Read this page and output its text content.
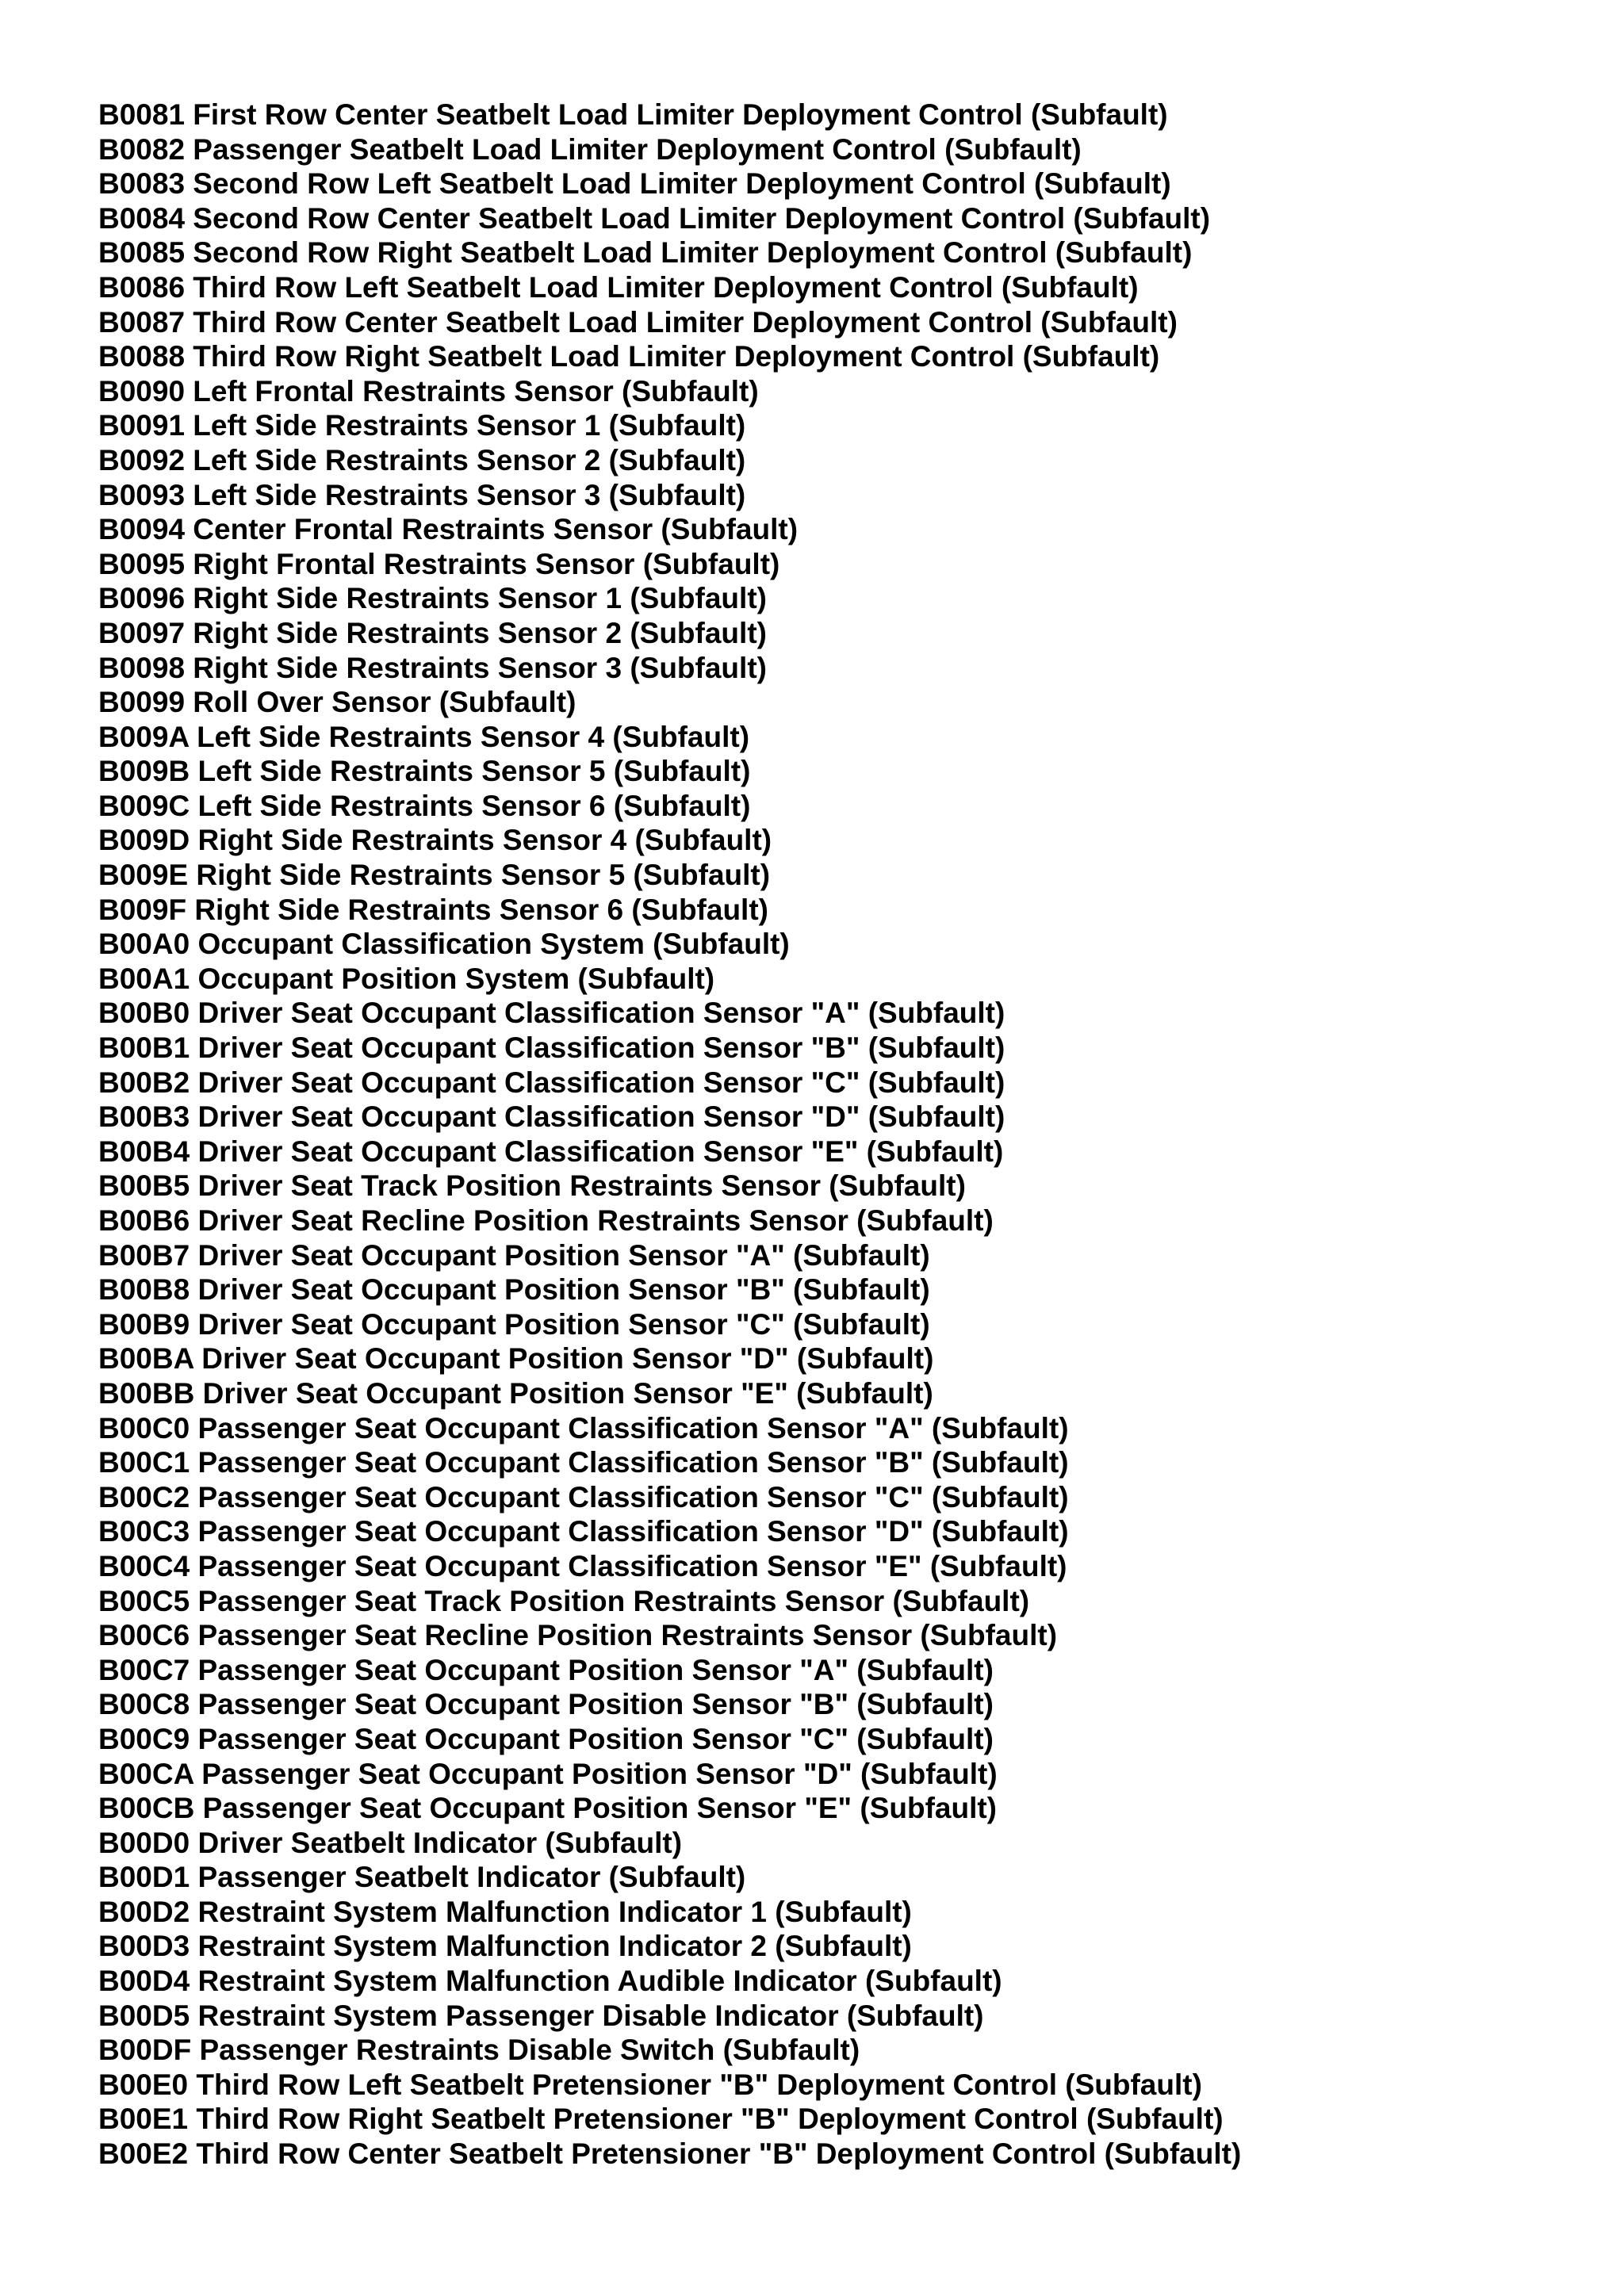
B0081 First Row Center Seatbelt Load Limiter Deployment Control (Subfault)
B0082 Passenger Seatbelt Load Limiter Deployment Control (Subfault)
B0083 Second Row Left Seatbelt Load Limiter Deployment Control (Subfault)
B0084 Second Row Center Seatbelt Load Limiter Deployment Control (Subfault)
B0085 Second Row Right Seatbelt Load Limiter Deployment Control (Subfault)
B0086 Third Row Left Seatbelt Load Limiter Deployment Control (Subfault)
B0087 Third Row Center Seatbelt Load Limiter Deployment Control (Subfault)
B0088 Third Row Right Seatbelt Load Limiter Deployment Control (Subfault)
B0090 Left Frontal Restraints Sensor (Subfault)
B0091 Left Side Restraints Sensor 1 (Subfault)
B0092 Left Side Restraints Sensor 2 (Subfault)
B0093 Left Side Restraints Sensor 3 (Subfault)
B0094 Center Frontal Restraints Sensor (Subfault)
B0095 Right Frontal Restraints Sensor (Subfault)
B0096 Right Side Restraints Sensor 1 (Subfault)
B0097 Right Side Restraints Sensor 2 (Subfault)
B0098 Right Side Restraints Sensor 3 (Subfault)
B0099 Roll Over Sensor (Subfault)
B009A Left Side Restraints Sensor 4 (Subfault)
B009B Left Side Restraints Sensor 5 (Subfault)
B009C Left Side Restraints Sensor 6 (Subfault)
B009D Right Side Restraints Sensor 4 (Subfault)
B009E Right Side Restraints Sensor 5 (Subfault)
B009F Right Side Restraints Sensor 6 (Subfault)
B00A0 Occupant Classification System (Subfault)
B00A1 Occupant Position System (Subfault)
B00B0 Driver Seat Occupant Classification Sensor "A" (Subfault)
B00B1 Driver Seat Occupant Classification Sensor "B" (Subfault)
B00B2 Driver Seat Occupant Classification Sensor "C" (Subfault)
B00B3 Driver Seat Occupant Classification Sensor "D" (Subfault)
B00B4 Driver Seat Occupant Classification Sensor "E" (Subfault)
B00B5 Driver Seat Track Position Restraints Sensor (Subfault)
B00B6 Driver Seat Recline Position Restraints Sensor (Subfault)
B00B7 Driver Seat Occupant Position Sensor "A" (Subfault)
B00B8 Driver Seat Occupant Position Sensor "B" (Subfault)
B00B9 Driver Seat Occupant Position Sensor "C" (Subfault)
B00BA Driver Seat Occupant Position Sensor "D" (Subfault)
B00BB Driver Seat Occupant Position Sensor "E" (Subfault)
B00C0 Passenger Seat Occupant Classification Sensor "A" (Subfault)
B00C1 Passenger Seat Occupant Classification Sensor "B" (Subfault)
B00C2 Passenger Seat Occupant Classification Sensor "C" (Subfault)
B00C3 Passenger Seat Occupant Classification Sensor "D" (Subfault)
B00C4 Passenger Seat Occupant Classification Sensor "E" (Subfault)
B00C5 Passenger Seat Track Position Restraints Sensor (Subfault)
B00C6 Passenger Seat Recline Position Restraints Sensor (Subfault)
B00C7 Passenger Seat Occupant Position Sensor "A" (Subfault)
B00C8 Passenger Seat Occupant Position Sensor "B" (Subfault)
B00C9 Passenger Seat Occupant Position Sensor "C" (Subfault)
B00CA Passenger Seat Occupant Position Sensor "D" (Subfault)
B00CB Passenger Seat Occupant Position Sensor "E" (Subfault)
B00D0 Driver Seatbelt Indicator (Subfault)
B00D1 Passenger Seatbelt Indicator (Subfault)
B00D2 Restraint System Malfunction Indicator 1 (Subfault)
B00D3 Restraint System Malfunction Indicator 2 (Subfault)
B00D4 Restraint System Malfunction Audible Indicator (Subfault)
B00D5 Restraint System Passenger Disable Indicator (Subfault)
B00DF Passenger Restraints Disable Switch (Subfault)
B00E0 Third Row Left Seatbelt Pretensioner "B" Deployment Control (Subfault)
B00E1 Third Row Right Seatbelt Pretensioner "B" Deployment Control (Subfault)
B00E2 Third Row Center Seatbelt Pretensioner "B" Deployment Control (Subfault)
